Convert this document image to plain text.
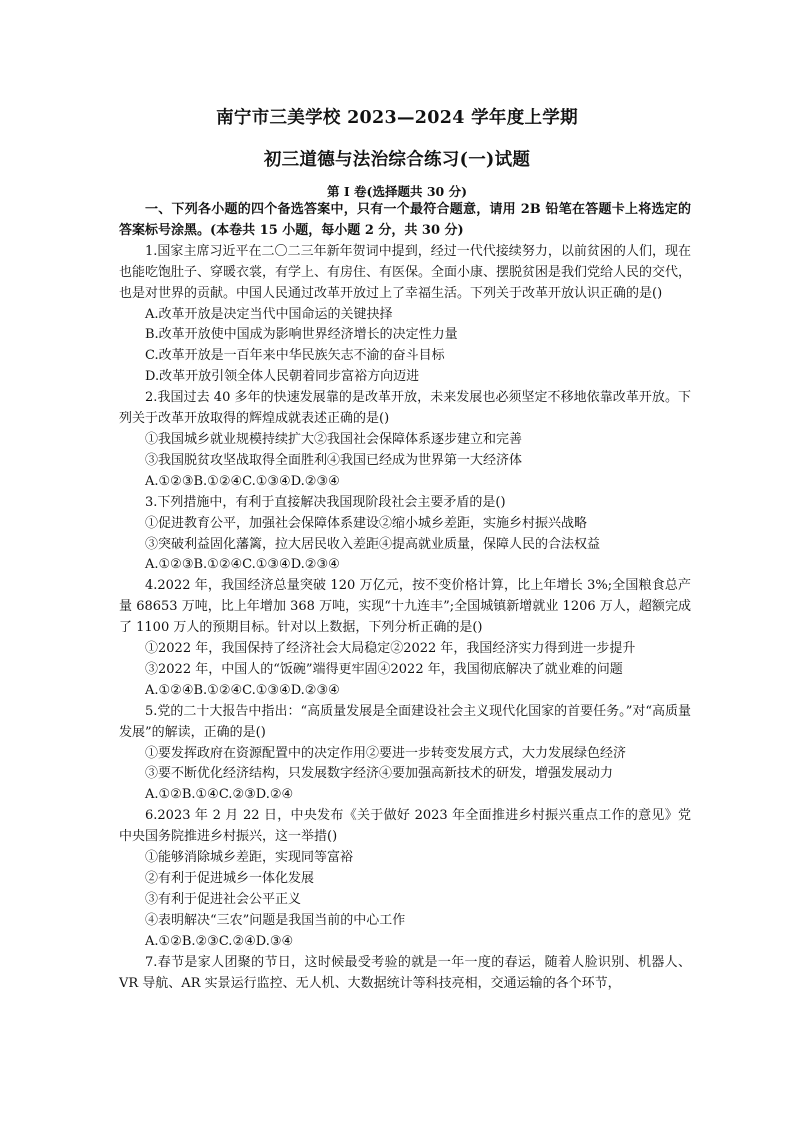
南宁市三美学校 2023—2024 学年度上学期
初三道德与法治综合练习(一)试题
第 I 卷(选择题共 30 分)

一、下列各小题的四个备选答案中，只有一个最符合题意，请用 2B 铅笔在答题卡上将选定的答案标号涂黑。(本卷共 15 小题，每小题 2 分，共 30 分)

1.国家主席习近平在二〇二三年新年贺词中提到，经过一代代接续努力，以前贫困的人们，现在也能吃饱肚子、穿暖衣裳，有学上、有房住、有医保。全面小康、摆脱贫困是我们党给人民的交代，也是对世界的贡献。中国人民通过改革开放过上了幸福生活。下列关于改革开放认识正确的是()

A.改革开放是决定当代中国命运的关键抉择
B.改革开放使中国成为影响世界经济增长的决定性力量
C.改革开放是一百年来中华民族矢志不渝的奋斗目标
D.改革开放引领全体人民朝着同步富裕方向迈进

2.我国过去 40 多年的快速发展靠的是改革开放，未来发展也必须坚定不移地依靠改革开放。下列关于改革开放取得的辉煌成就表述正确的是()

①我国城乡就业规模持续扩大②我国社会保障体系逐步建立和完善
③我国脱贫攻坚战取得全面胜利④我国已经成为世界第一大经济体
A.①②③B.①②④C.①③④D.②③④

3.下列措施中，有利于直接解决我国现阶段社会主要矛盾的是()

①促进教育公平，加强社会保障体系建设②缩小城乡差距，实施乡村振兴战略
③突破利益固化藩篱，拉大居民收入差距④提高就业质量，保障人民的合法权益
A.①②③B.①②④C.①③④D.②③④

4.2022 年，我国经济总量突破 120 万亿元，按不变价格计算，比上年增长 3%;全国粮食总产量 68653 万吨，比上年增加 368 万吨，实现“十九连丰”;全国城镇新增就业 1206 万人，超额完成了 1100 万人的预期目标。针对以上数据，下列分析正确的是()

①2022 年，我国保持了经济社会大局稳定②2022 年，我国经济实力得到进一步提升
③2022 年，中国人的“饭碗”端得更牢固④2022 年，我国彻底解决了就业难的问题
A.①②④B.①②④C.①③④D.②③④

5.党的二十大报告中指出：“高质量发展是全面建设社会主义现代化国家的首要任务。”对“高质量发展”的解读，正确的是()

①要发挥政府在资源配置中的决定作用②要进一步转变发展方式，大力发展绿色经济
③要不断优化经济结构，只发展数字经济④要加强高新技术的研发，增强发展动力
A.①②B.①④C.②③D.②④

6.2023 年 2 月 22 日，中央发布《关于做好 2023 年全面推进乡村振兴重点工作的意见》党中央国务院推进乡村振兴，这一举措()

①能够消除城乡差距，实现同等富裕
②有利于促进城乡一体化发展
③有利于促进社会公平正义
④表明解决“三农”问题是我国当前的中心工作
A.①②B.②③C.②④D.③④

7.春节是家人团聚的节日，这时候最受考验的就是一年一度的春运，随着人脸识别、机器人、VR 导航、AR 实景运行监控、无人机、大数据统计等科技亮相，交通运输的各个环节，
